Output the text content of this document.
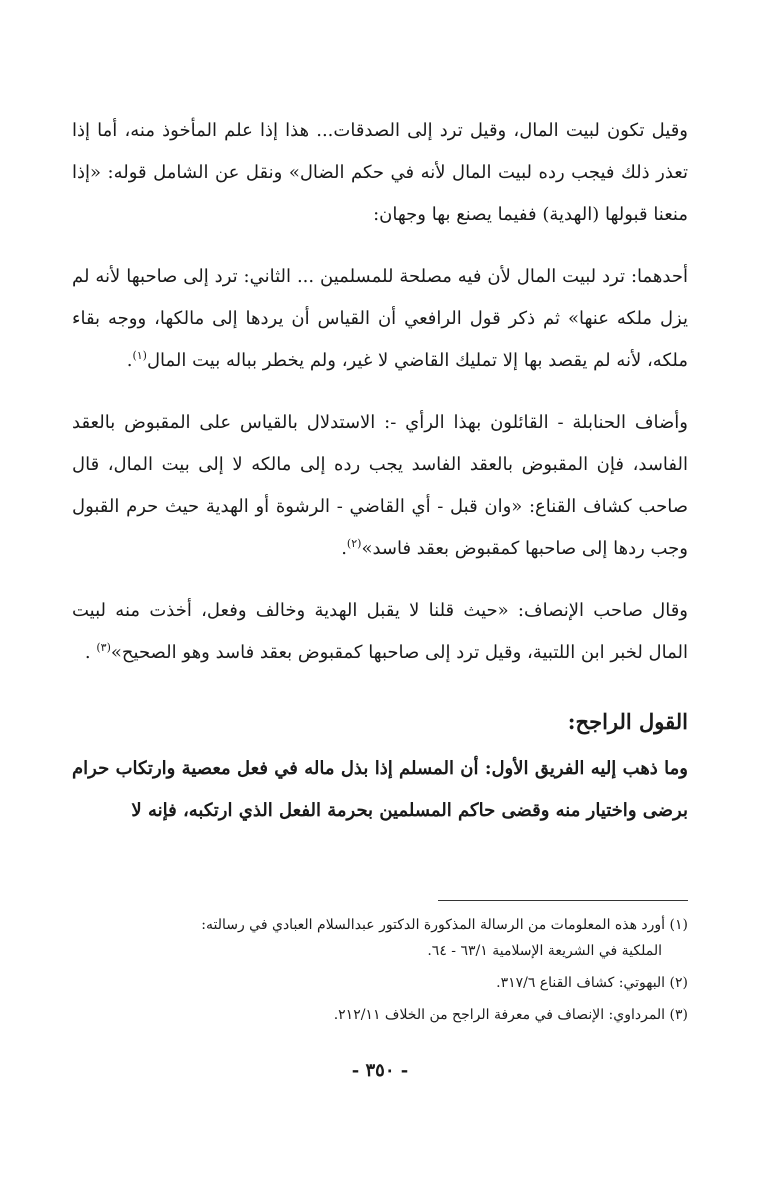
وقيل تكون لبيت المال، وقيل ترد إلى الصدقات... هذا إذا علم المأخوذ منه، أما إذا تعذر ذلك فيجب رده لبيت المال لأنه في حكم الضال» ونقل عن الشامل قوله: «إذا منعنا قبولها (الهدية) ففيما يصنع بها وجهان:

أحدهما: ترد لبيت المال لأن فيه مصلحة للمسلمين ... الثاني: ترد إلى صاحبها لأنه لم يزل ملكه عنها» ثم ذكر قول الرافعي أن القياس أن يردها إلى مالكها، ووجه بقاء ملكه، لأنه لم يقصد بها إلا تمليك القاضي لا غير، ولم يخطر بباله بيت المال$^{(١)}$.

وأضاف الحنابلة - القائلون بهذا الرأي -: الاستدلال بالقياس على المقبوض بالعقد الفاسد، فإن المقبوض بالعقد الفاسد يجب رده إلى مالكه لا إلى بيت المال، قال صاحب كشاف القناع: «وان قبل - أي القاضي - الرشوة أو الهدية حيث حرم القبول وجب ردها إلى صاحبها كمقبوض بعقد فاسد»$^{(٢)}$.

وقال صاحب الإنصاف: «حيث قلنا لا يقبل الهدية وخالف وفعل، أخذت منه لبيت المال لخبر ابن اللتبية، وقيل ترد إلى صاحبها كمقبوض بعقد فاسد وهو الصحيح»$^{(٣)}$ .

القول الراجح:

وما ذهب إليه الفريق الأول: أن المسلم إذا بذل ماله في فعل معصية وارتكاب حرام برضى واختيار منه وقضى حاكم المسلمين بحرمة الفعل الذي ارتكبه، فإنه لا

(١) أورد هذه المعلومات من الرسالة المذكورة الدكتور عبدالسلام العبادي في رسالته:
الملكية في الشريعة الإسلامية ٦٣/١ - ٦٤.
(٢) البهوتي: كشاف القناع ٣١٧/٦.
(٣) المرداوي: الإنصاف في معرفة الراجح من الخلاف ٢١٢/١١.
- ٣٥٠ -
